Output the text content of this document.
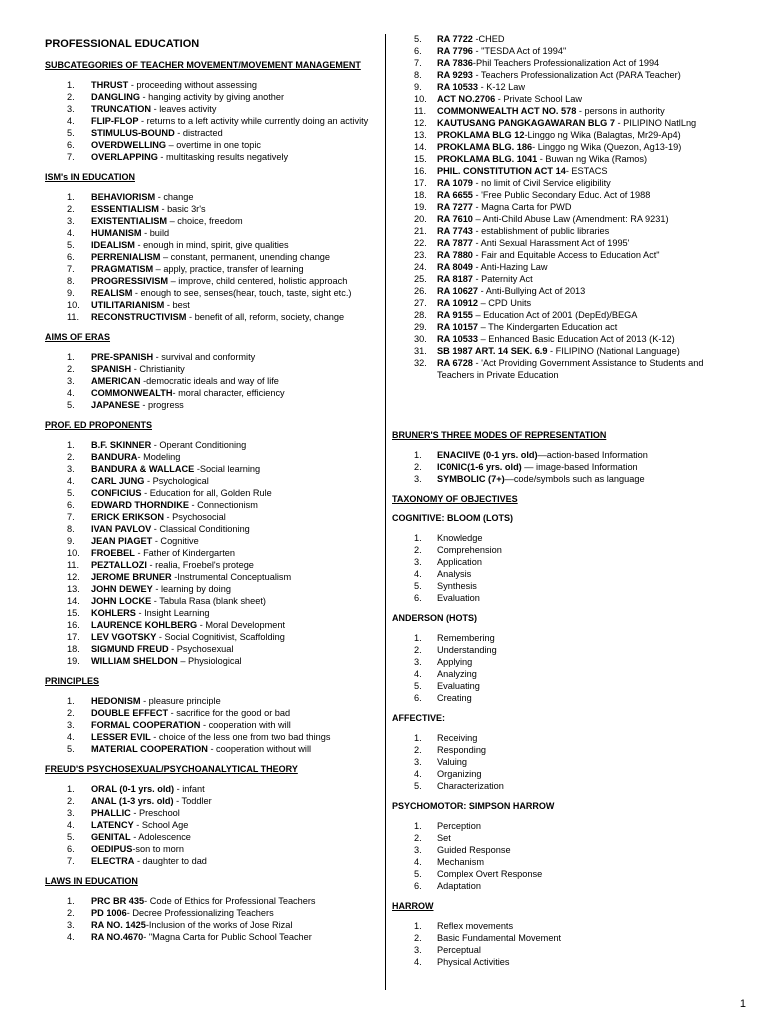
PROFESSIONAL EDUCATION
SUBCATEGORIES OF TEACHER MOVEMENT/MOVEMENT MANAGEMENT
1. THRUST - proceeding without assessing
2. DANGLING - hanging activity by giving another
3. TRUNCATION - leaves activity
4. FLIP-FLOP - returns to a left activity while currently doing an activity
5. STIMULUS-BOUND - distracted
6. OVERDWELLING – overtime in one topic
7. OVERLAPPING - multitasking results negatively
ISM's IN EDUCATION
1. BEHAVIORISM - change
2. ESSENTIALISM - basic 3r's
3. EXISTENTIALISM – choice, freedom
4. HUMANISM - build
5. IDEALISM - enough in mind, spirit, give qualities
6. PERRENIALISM – constant, permanent, unending change
7. PRAGMATISM – apply, practice, transfer of learning
8. PROGRESSIVISM – improve, child centered, holistic approach
9. REALISM - enough to see, senses(hear, touch, taste, sight etc.)
10. UTILITARIANISM - best
11. RECONSTRUCTIVISM - benefit of all, reform, society, change
AIMS OF ERAS
1. PRE-SPANISH - survival and conformity
2. SPANISH - Christianity
3. AMERICAN -democratic ideals and way of life
4. COMMONWEALTH- moral character, efficiency
5. JAPANESE - progress
PROF. ED PROPONENTS
1. B.F. SKINNER - Operant Conditioning
2. BANDURA- Modeling
3. BANDURA & WALLACE -Social learning
4. CARL JUNG - Psychological
5. CONFICIUS - Education for all, Golden Rule
6. EDWARD THORNDIKE - Connectionism
7. ERICK ERIKSON - Psychosocial
8. IVAN PAVLOV - Classical Conditioning
9. JEAN PIAGET - Cognitive
10. FROEBEL - Father of Kindergarten
11. PEZTALLOZI - realia, Froebel's protege
12. JEROME BRUNER -Instrumental Conceptualism
13. JOHN DEWEY - learning by doing
14. JOHN LOCKE - Tabula Rasa (blank sheet)
15. KOHLERS - Insight Learning
16. LAURENCE KOHLBERG - Moral Development
17. LEV VGOTSKY - Social Cognitivist, Scaffolding
18. SIGMUND FREUD - Psychosexual
19. WILLIAM SHELDON – Physiological
PRINCIPLES
1. HEDONISM - pleasure principle
2. DOUBLE EFFECT - sacrifice for the good or bad
3. FORMAL COOPERATION - cooperation with will
4. LESSER EVIL - choice of the less one from two bad things
5. MATERIAL COOPERATION - cooperation without will
FREUD'S PSYCHOSEXUAL/PSYCHOANALYTICAL THEORY
1. ORAL (0-1 yrs. old) - infant
2. ANAL (1-3 yrs. old) - Toddler
3. PHALLIC - Preschool
4. LATENCY - School Age
5. GENITAL - Adolescence
6. OEDIPUS-son to morn
7. ELECTRA - daughter to dad
LAWS IN EDUCATION
1. PRC BR 435- Code of Ethics for Professional Teachers
2. PD 1006- Decree Professionalizing Teachers
3. RA NO. 1425-Inclusion of the works of Jose Rizal
4. RA NO.4670- "Magna Carta for Public School Teacher
5. RA 7722 -CHED
6. RA 7796 - "TESDA Act of 1994"
7. RA 7836-Phil Teachers Professionalization Act of 1994
8. RA 9293 - Teachers Professionalization Act (PARA Teacher)
9. RA 10533 - K-12 Law
10. ACT NO.2706 - Private School Law
11. COMMONWEALTH ACT NO. 578 - persons in authority
12. KAUTUSANG PANGKAGAWARAN BLG 7 - PILIPINO NatlLng
13. PROKLAMA BLG 12-Linggo ng Wika (Balagtas, Mr29-Ap4)
14. PROKLAMA BLG. 186- Linggo ng Wika (Quezon, Ag13-19)
15. PROKLAMA BLG. 1041 - Buwan ng Wika (Ramos)
16. PHIL. CONSTITUTION ACT 14- ESTACS
17. RA 1079 - no limit of Civil Service eligibility
18. RA 6655 - 'Free Public Secondary Educ. Act of 1988
19. RA 7277 - Magna Carta for PWD
20. RA 7610 – Anti-Child Abuse Law (Amendment: RA 9231)
21. RA 7743 - establishment of public libraries
22. RA 7877 - Anti Sexual Harassment Act of 1995'
23. RA 7880 - Fair and Equitable Access to Education Act"
24. RA 8049 - Anti-Hazing Law
25. RA 8187 - Paternity Act
26. RA 10627 - Anti-Bullying Act of 2013
27. RA 10912 – CPD Units
28. RA 9155 – Education Act of 2001 (DepEd)/BEGA
29. RA 10157 – The Kindergarten Education act
30. RA 10533 – Enhanced Basic Education Act of 2013 (K-12)
31. SB 1987 ART. 14 SEK. 6.9 - FILIPINO (National Language)
32. RA 6728 - 'Act Providing Government Assistance to Students and Teachers in Private Education
BRUNER'S THREE MODES OF REPRESENTATION
1. ENACIIVE (0-1 yrs. old)—action-based Information
2. IC0NIC(1-6 yrs. old) — image-based Information
3. SYMBOLIC (7+)—code/symbols such as language
TAXONOMY OF OBJECTIVES
COGNITIVE: BLOOM (LOTS)
1. Knowledge
2. Comprehension
3. Application
4. Analysis
5. Synthesis
6. Evaluation
ANDERSON (HOTS)
1. Remembering
2. Understanding
3. Applying
4. Analyzing
5. Evaluating
6. Creating
AFFECTIVE:
1. Receiving
2. Responding
3. Valuing
4. Organizing
5. Characterization
PSYCHOMOTOR: SIMPSON HARROW
1. Perception
2. Set
3. Guided Response
4. Mechanism
5. Complex Overt Response
6. Adaptation
HARROW
1. Reflex movements
2. Basic Fundamental Movement
3. Perceptual
4. Physical Activities
1
